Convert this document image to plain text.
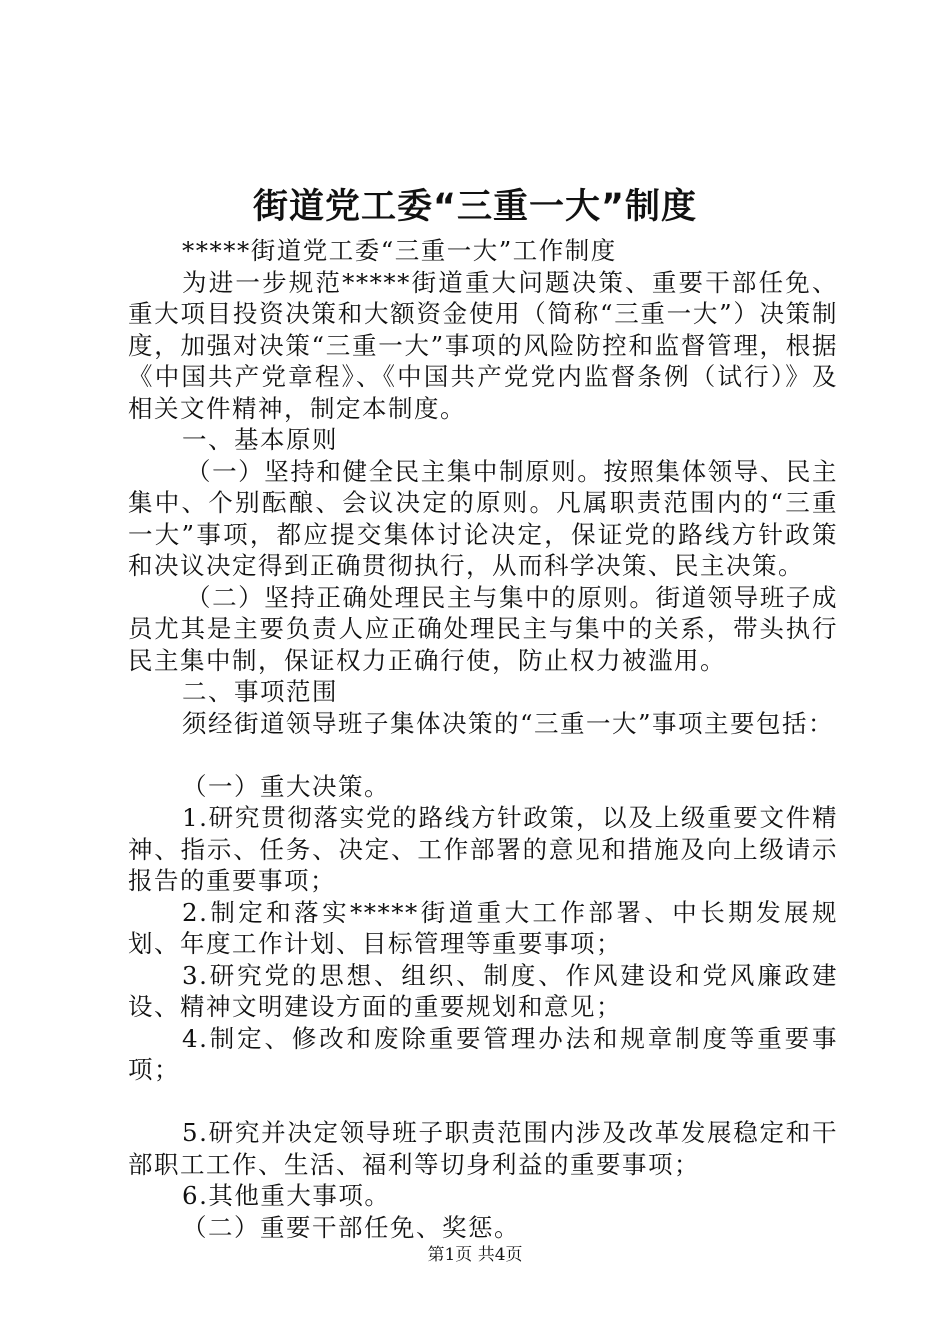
街道党工委“三重一大”制度

*****街道党工委“三重一大”工作制度

为进一步规范*****街道重大问题决策、重要干部任免、重大项目投资决策和大额资金使用（简称“三重一大”）决策制度，加强对决策“三重一大”事项的风险防控和监督管理，根据《中国共产党章程》、《中国共产党党内监督条例（试行）》及相关文件精神，制定本制度。

一、基本原则

（一）坚持和健全民主集中制原则。按照集体领导、民主集中、个别酝酿、会议决定的原则。凡属职责范围内的“三重一大”事项，都应提交集体讨论决定，保证党的路线方针政策和决议决定得到正确贯彻执行，从而科学决策、民主决策。

（二）坚持正确处理民主与集中的原则。街道领导班子成员尤其是主要负责人应正确处理民主与集中的关系，带头执行民主集中制，保证权力正确行使，防止权力被滥用。

二、事项范围

须经街道领导班子集体决策的“三重一大”事项主要包括：

（一）重大决策。

1.研究贯彻落实党的路线方针政策，以及上级重要文件精神、指示、任务、决定、工作部署的意见和措施及向上级请示报告的重要事项；

2.制定和落实*****街道重大工作部署、中长期发展规划、年度工作计划、目标管理等重要事项；

3.研究党的思想、组织、制度、作风建设和党风廉政建设、精神文明建设方面的重要规划和意见；

4.制定、修改和废除重要管理办法和规章制度等重要事项；

5.研究并决定领导班子职责范围内涉及改革发展稳定和干部职工工作、生活、福利等切身利益的重要事项；

6.其他重大事项。

（二）重要干部任免、奖惩。

第1页 共4页
